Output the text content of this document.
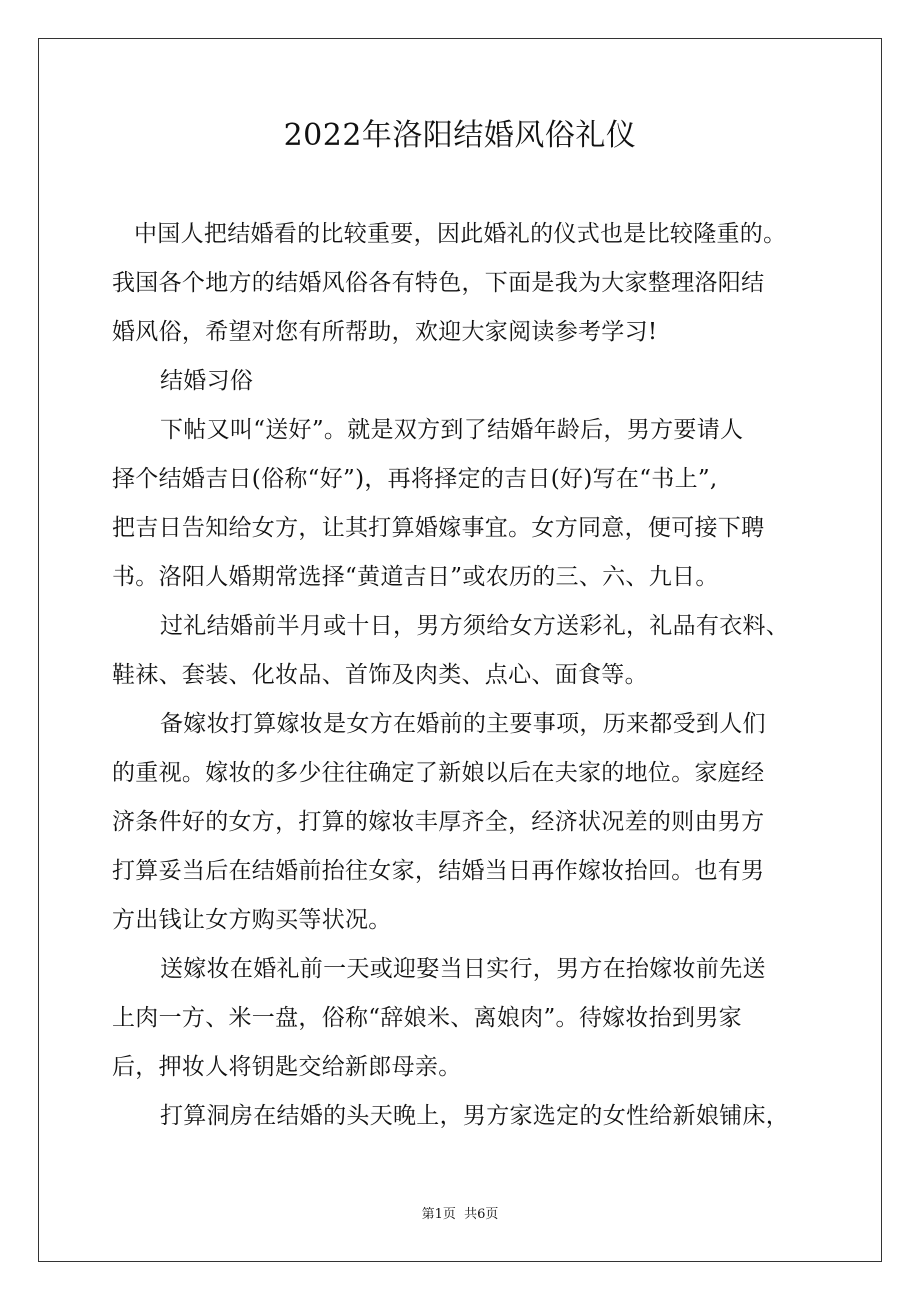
2022年洛阳结婚风俗礼仪
中国人把结婚看的比较重要，因此婚礼的仪式也是比较隆重的。
我国各个地方的结婚风俗各有特色，下面是我为大家整理洛阳结
婚风俗，希望对您有所帮助，欢迎大家阅读参考学习!
结婚习俗
下帖又叫“送好”。就是双方到了结婚年龄后，男方要请人
择个结婚吉日(俗称“好”)，再将择定的吉日(好)写在“书上”,
把吉日告知给女方，让其打算婚嫁事宜。女方同意，便可接下聘
书。洛阳人婚期常选择“黄道吉日”或农历的三、六、九日。
过礼结婚前半月或十日，男方须给女方送彩礼，礼品有衣料、
鞋袜、套装、化妆品、首饰及肉类、点心、面食等。
备嫁妆打算嫁妆是女方在婚前的主要事项，历来都受到人们
的重视。嫁妆的多少往往确定了新娘以后在夫家的地位。家庭经
济条件好的女方，打算的嫁妆丰厚齐全，经济状况差的则由男方
打算妥当后在结婚前抬往女家，结婚当日再作嫁妆抬回。也有男
方出钱让女方购买等状况。
送嫁妆在婚礼前一天或迎娶当日实行，男方在抬嫁妆前先送
上肉一方、米一盘，俗称“辞娘米、离娘肉”。待嫁妆抬到男家
后，押妆人将钥匙交给新郎母亲。
打算洞房在结婚的头天晚上，男方家选定的女性给新娘铺床，
第1页 共6页
